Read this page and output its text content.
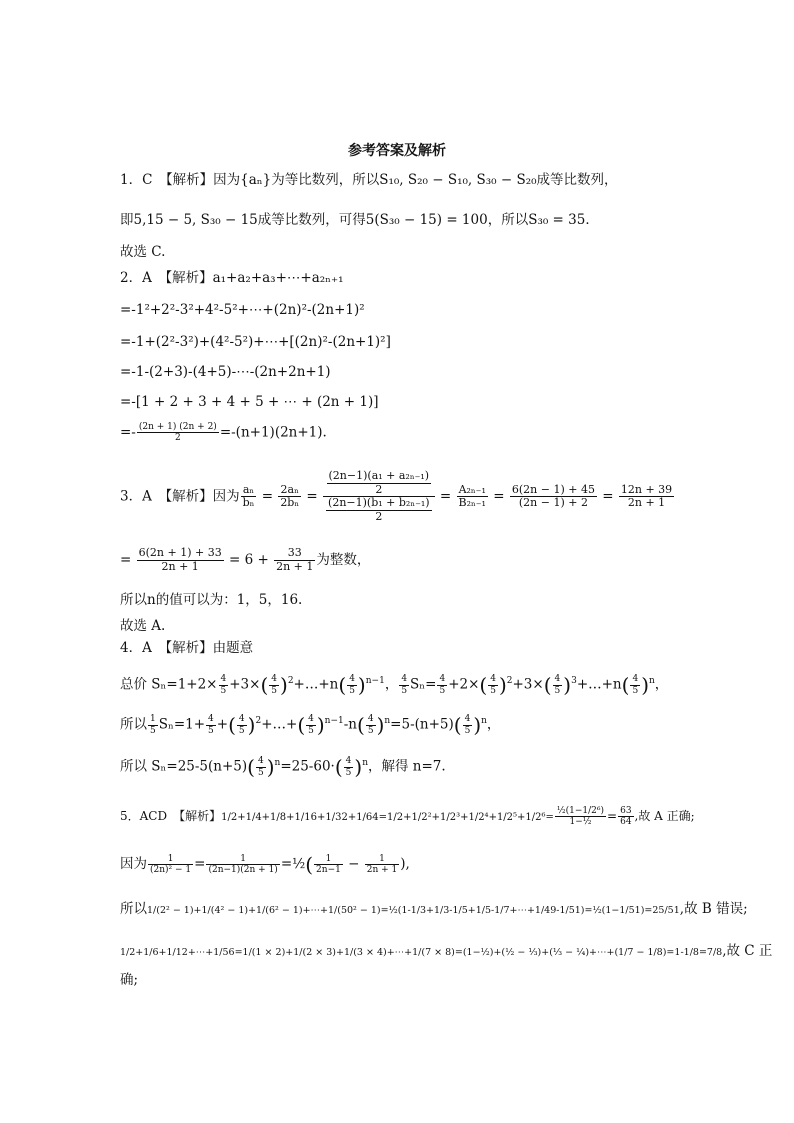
参考答案及解析
1．C　【解析】因为{aₙ}为等比数列，所以S₁₀, S₂₀ − S₁₀, S₃₀ − S₂₀成等比数列，
即5,15 − 5, S₃₀ − 15成等比数列，可得5(S₃₀ − 15) = 100，所以S₃₀ = 35．
故选 C.
2．A　【解析】a₁+a₂+a₃+⋯+a₂ₙ₊₁
=-1²+2²-3²+4²-5²+⋯+(2n)²-(2n+1)²
=-1+(2²-3²)+(4²-5²)+⋯+[(2n)²-(2n+1)²]
=-1-(2+3)-(4+5)-⋯-(2n+2n+1)
=-[1 + 2 + 3 + 4 + 5 + ⋯ + (2n + 1)]
=- $\frac{(2n + 1) (2n + 2)}{2} =-(n+1)(2n+1)$.
3．A　【解析】因为 $\frac{\text{aₙ}}{\text{bₙ}} = \frac{\text{2aₙ}}{\text{2bₙ}} = \frac{\frac{\text{(2n−1)(a₁ + a₂ₙ₋₁)}}{2}}{\frac{\text{(2n−1)(b₁ + b₂ₙ₋₁)}}{2}} = \frac{\text{A₂ₙ₋₁}}{\text{B₂ₙ₋₁}} = \frac{6(2n - 1) + 45}{(2n - 1) + 2} = \frac{12n + 39}{2n + 1}$
= $\frac{6(2n + 1) + 33}{2n + 1} = 6 + \frac{33}{2n + 1}$ 为整数，
所以n的值可以为：1，5，16.
故选 A.
4．A　【解析】由题意
总价 $S_n=1+2\times \frac{4}{5} +3\times( \frac{4}{5}$ )$^2+\dots+n( \frac{4}{5} )^{n-1}$， $\frac{4}{5} S_n= \frac{4}{5} +2\times( \frac{4}{5} )^2+3\times( \frac{4}{5}$ )$^3+\dots+n( \frac{4}{5} )^n$，
所以 $\frac{1}{5} S_n=1+ \frac{4}{5}$ +( $\frac{4}{5}$ )$^2$+…+( $\frac{4}{5} )^{n-1}-n( \frac{4}{5} )^n=5-(n+5)( \frac{4}{5} )^n$，
所以 $S_n=25-5(n+5)( \frac{4}{5} )^n=25-60\cdot( \frac{4}{5} )^n$，解得 n=7.
5．ACD　【解析】$1/2+1/4+1/8+1/16+1/32+1/64=1/2+1/2^2+1/2^3+1/2^4+1/2^5+1/2^6= \frac{\text{½(1−1/2⁶)}}{\text{1−½}} = \frac{63}{64}$ ,故 A 正确;
因为 $\frac{1}{\text{(2n)² − 1}} = \frac{1}{(2n-1)(2n + 1)}$ =½( $\frac{1}{2n-1} - \frac{1}{2n + 1}$ ),
所以1/(2² − 1)+1/(4² − 1)+1/(6² − 1)+⋯+1/(50² − 1)=½(1-1/3+1/3-1/5+1/5-1/7+⋯+1/49-1/51)=½(1−1/51)=25/51,故 B 错误;
1/2+1/6+1/12+⋯+1/56=1/(1 × 2)+1/(2 × 3)+1/(3 × 4)+⋯+1/(7 × 8)=(1−½)+(½ − ⅓)+(⅓ − ¼)+⋯+(1/7 − 1/8)=1-1/8=7/8,故 C 正
确;
